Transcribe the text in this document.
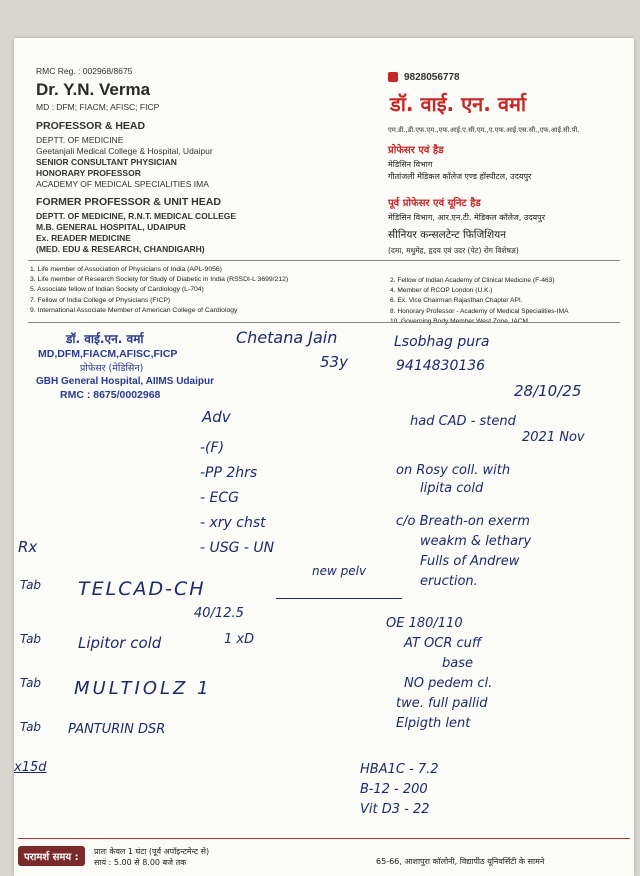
RMC Reg. : 002968/8675
Dr. Y.N. Verma
MD : DFM; FIACM; AFISC; FICP
PROFESSOR & HEAD
DEPTT. OF MEDICINE
Geetanjali Medical College & Hospital, Udaipur
SENIOR CONSULTANT PHYSICIAN
HONORARY PROFESSOR
ACADEMY OF MEDICAL SPECIALITIES IMA
FORMER PROFESSOR & UNIT HEAD
DEPTT. OF MEDICINE, R.N.T. MEDICAL COLLEGE
M.B. GENERAL HOSPITAL, UDAIPUR
Ex. READER MEDICINE
(MED. EDU & RESEARCH, CHANDIGARH)
9828056778
डॉ. वाई. एन. वर्मा
एम.डी.,डी.एफ.एम.,एफ.आई.ए.सी.एम.,ए.एफ.आई.एस.सी.,एफ.आई.सी.पी.
प्रोफेसर एवं हैड
मेडिसिन विभाग
गीतांजली मेडिकल कॉलेज एण्ड हॉस्पीटल, उदयपुर
पूर्व प्रोफेसर एवं यूनिट हैड
मेडिसिन विभाग, आर.एन.टी. मेडिकल कॉलेज, उदयपुर
सीनियर कन्सलटेन्ट फिजिशियन
(दमा, मधुमेह, हृदय एवं उदर (पेट) रोग विशेषज्ञ)
1. Life member of Association of Physicians of India (APL-9056)
3. Life member of Research Society for Study of Diabetic in India (RSSDI-L 3699/212)
5. Associate fellow of Indian Society of Cardiology (L-704)
7. Fellow of India College of Physicians (FICP)
9. International Associate Member of American College of Cardiology
2. Fellow of Indian Academy of Clinical Medicine (F-463)
4. Member of RCOP London (U.K.)
6. Ex. Vice Chairman Rajasthan Chapter API.
8. Honorary Professor - Academy of Medical Specialities-IMA
डॉ. वाई.एन. वर्मा
MD,DFM,FIACM,AFISC,FICP
प्रोफेसर (मेडिसिन)
GBH General Hospital, AIIMS Udaipur
RMC : 8675/0002968
Chetana Jain
53y
Lsobhag pura
9414830136
28/10/25
Adv
-(F)
-PP 2hrs
- ECG
- xry chst
- USG - UN
new pelv
had CAD - stend
2021 Nov
on Rosy coll. with
lipita cold
c/o Breath-on exerm
weakm & lethary
Fulls of Andrew
eruction.
OE 180/110
AT OCR cuff
base
NO pedem cl.
twe. full pallid
Elpigth lent
Rx
Tab TELCAD-CH
40/12.5
Tab Lipitor cold	1 xD
Tab MULTIOLZ 1
Tab PANTURIN DSR
x15d	HBA1C - 7.2
B-12 - 200
Vit D3 - 22
परामर्श समय :
प्रातः केवल 1 घंटा (पूर्व अपॉइन्टमेन्ट से)
सायं : 5.00 से 8.00 बजे तक	65-66, आशापुरा कॉलोनी, विद्यापीठ यूनिवर्सिटी के सामने
